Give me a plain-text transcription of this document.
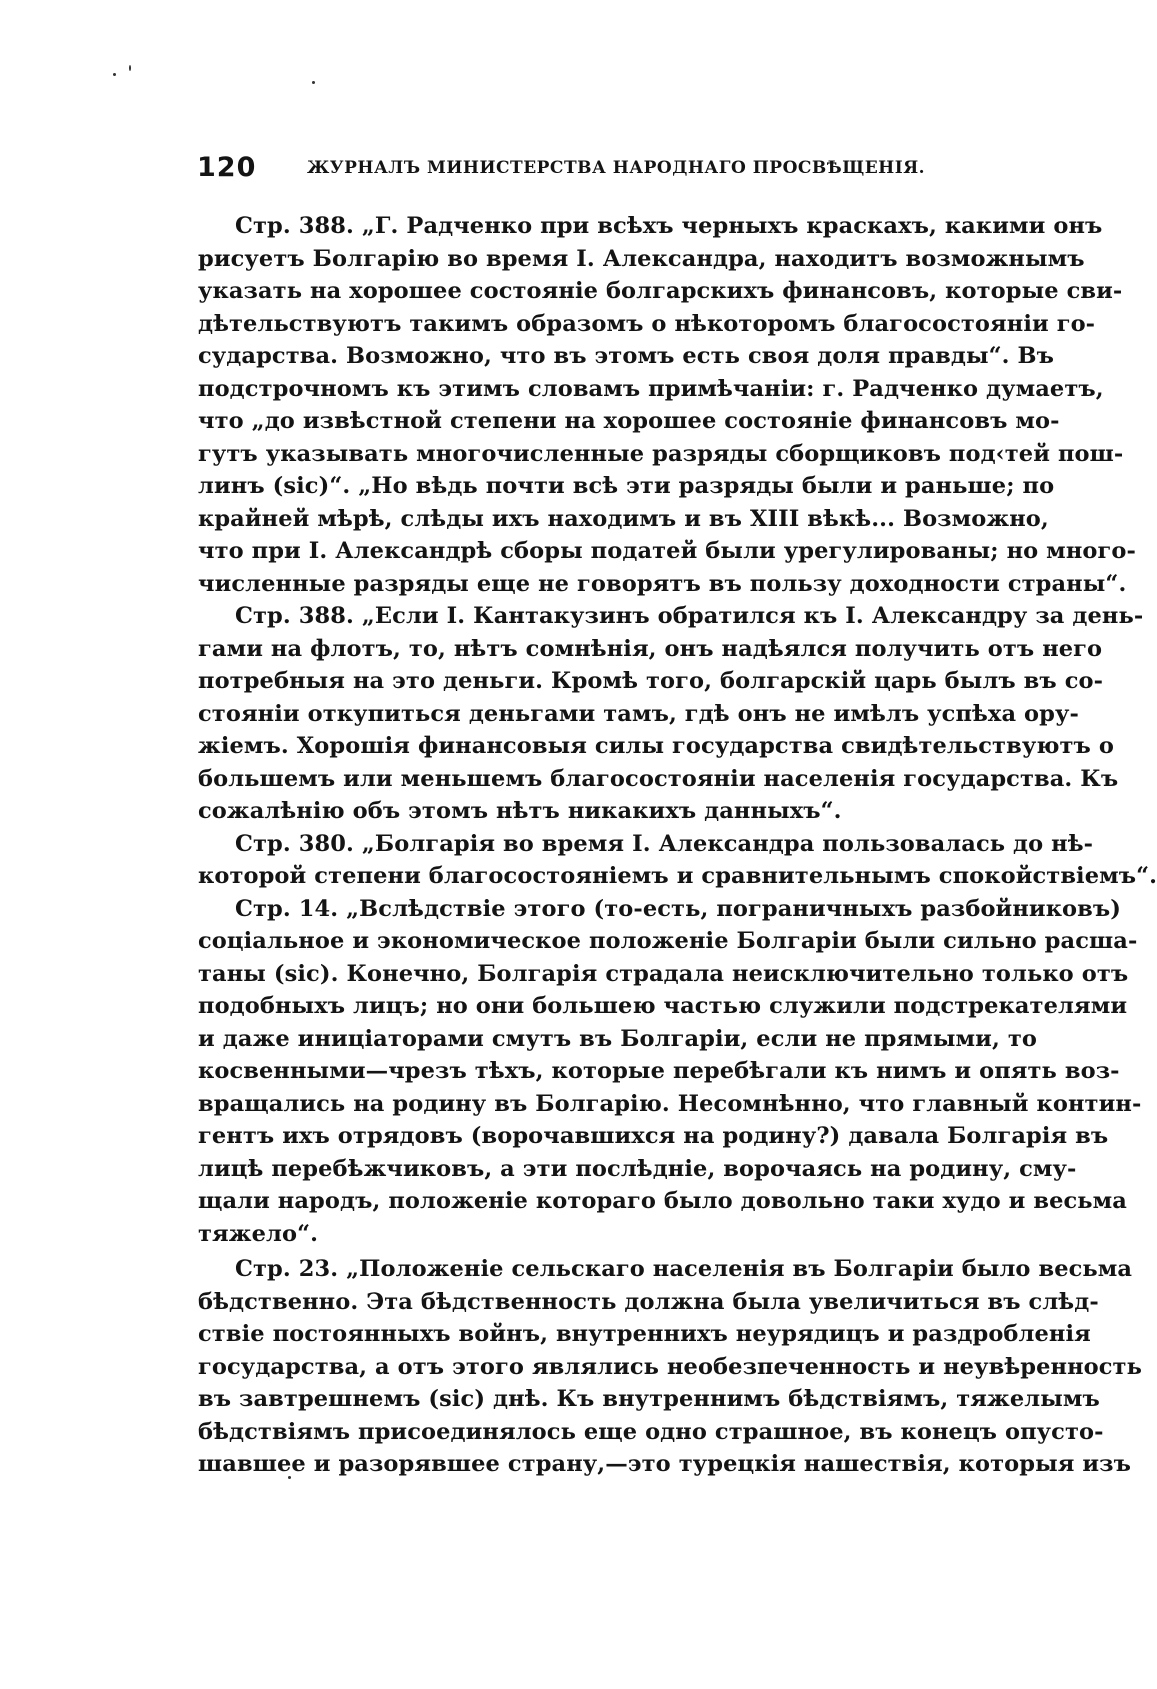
120	ЖУРНАЛЪ МИНИСТЕРСТВА НАРОДНАГО ПРОСВѢЩЕНІЯ.
Стр. 388. „Г. Радченко при всѣхъ черныхъ краскахъ, какими онъ
рисуетъ Болгарію во время I. Александра, находитъ возможнымъ
указать на хорошее состояніе болгарскихъ финансовъ, которые сви-
дѣтельствуютъ такимъ образомъ о нѣкоторомъ благосостояніи го-
сударства. Возможно, что въ этомъ есть своя доля правды“. Въ
подстрочномъ къ этимъ словамъ примѣчаніи: г. Радченко думаетъ,
что „до извѣстной степени на хорошее состояніе финансовъ мо-
гутъ указывать многочисленные разряды сборщиковъ под‹тей пош-
линъ (sic)“. „Но вѣдь почти всѣ эти разряды были и раньше; по
крайней мѣрѣ, слѣды ихъ находимъ и въ XIII вѣкѣ... Возможно,
что при I. Александрѣ сборы податей были урегулированы; но много-
численные разряды еще не говорятъ въ пользу доходности страны“.
Стр. 388. „Если I. Кантакузинъ обратился къ I. Александру за день-
гами на флотъ, то, нѣтъ сомнѣнія, онъ надѣялся получить отъ него
потребныя на это деньги. Кромѣ того, болгарскій царь былъ въ со-
стояніи откупиться деньгами тамъ, гдѣ онъ не имѣлъ успѣха ору-
жіемъ. Хорошія финансовыя силы государства свидѣтельствуютъ о
большемъ или меньшемъ благосостояніи населенія государства. Къ
сожалѣнію объ этомъ нѣтъ никакихъ данныхъ“.
Стр. 380. „Болгарія во время I. Александра пользовалась до нѣ-
которой степени благосостояніемъ и сравнительнымъ спокойствіемъ“.
Стр. 14. „Вслѣдствіе этого (то-есть, пограничныхъ разбойниковъ)
соціальное и экономическое положеніе Болгаріи были сильно расша-
таны (sic). Конечно, Болгарія страдала неисключительно только отъ
подобныхъ лицъ; но они большею частью служили подстрекателями
и даже иниціаторами смутъ въ Болгаріи, если не прямыми, то
косвенными—чрезъ тѣхъ, которые перебѣгали къ нимъ и опять воз-
вращались на родину въ Болгарію. Несомнѣнно, что главный контин-
гентъ ихъ отрядовъ (ворочавшихся на родину?) давала Болгарія въ
лицѣ перебѣжчиковъ, а эти послѣдніе, ворочаясь на родину, сму-
щали народъ, положеніе котораго было довольно таки худо и весьма
тяжело“.
Стр. 23. „Положеніе сельскаго населенія въ Болгаріи было весьма
бѣдственно. Эта бѣдственность должна была увеличиться въ слѣд-
ствіе постоянныхъ войнъ, внутреннихъ неурядицъ и раздробленія
государства, а отъ этого являлись необезпеченность и неувѣренность
въ завтрешнемъ (sic) днѣ. Къ внутреннимъ бѣдствіямъ, тяжелымъ
бѣдствіямъ присоединялось еще одно страшное, въ конецъ опусто-
шавшее и разорявшее страну,—это турецкія нашествія, которыя изъ
